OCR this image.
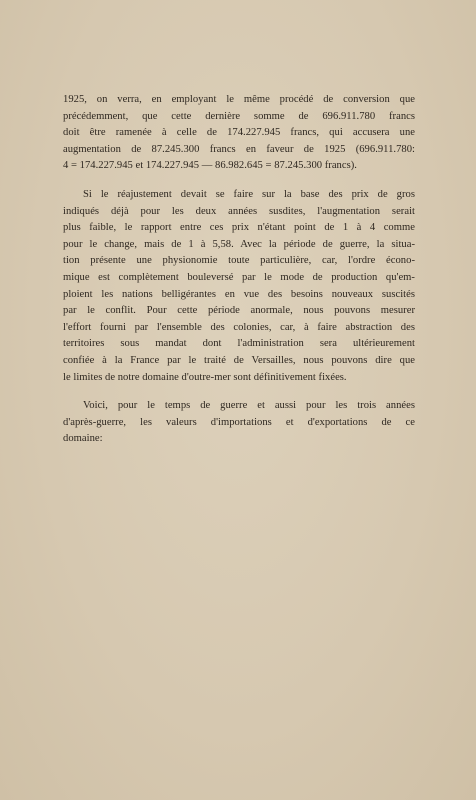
1925, on verra, en employant le même procédé de conversion que
précédemment, que cette dernière somme de 696.911.780 francs
doit être ramenée à celle de 174.227.945 francs, qui accusera une
augmentation de 87.245.300 francs en faveur de 1925 (696.911.780:
4 = 174.227.945 et 174.227.945 — 86.982.645 = 87.245.300 francs).

Si le réajustement devait se faire sur la base des prix de gros
indiqués déjà pour les deux années susdites, l'augmentation serait
plus faible, le rapport entre ces prix n'étant point de 1 à 4 comme
pour le change, mais de 1 à 5,58. Avec la période de guerre, la situa-
tion présente une physionomie toute particulière, car, l'ordre écono-
mique est complètement bouleversé par le mode de production qu'em-
ploient les nations belligérantes en vue des besoins nouveaux suscités
par le conflit. Pour cette période anormale, nous pouvons mesurer
l'effort fourni par l'ensemble des colonies, car, à faire abstraction des
territoires sous mandat dont l'administration sera ultérieurement
confiée à la France par le traité de Versailles, nous pouvons dire que
le limites de notre domaine d'outre-mer sont définitivement fixées.

Voici, pour le temps de guerre et aussi pour les trois années
d'après-guerre, les valeurs d'importations et d'exportations de ce
domaine:
